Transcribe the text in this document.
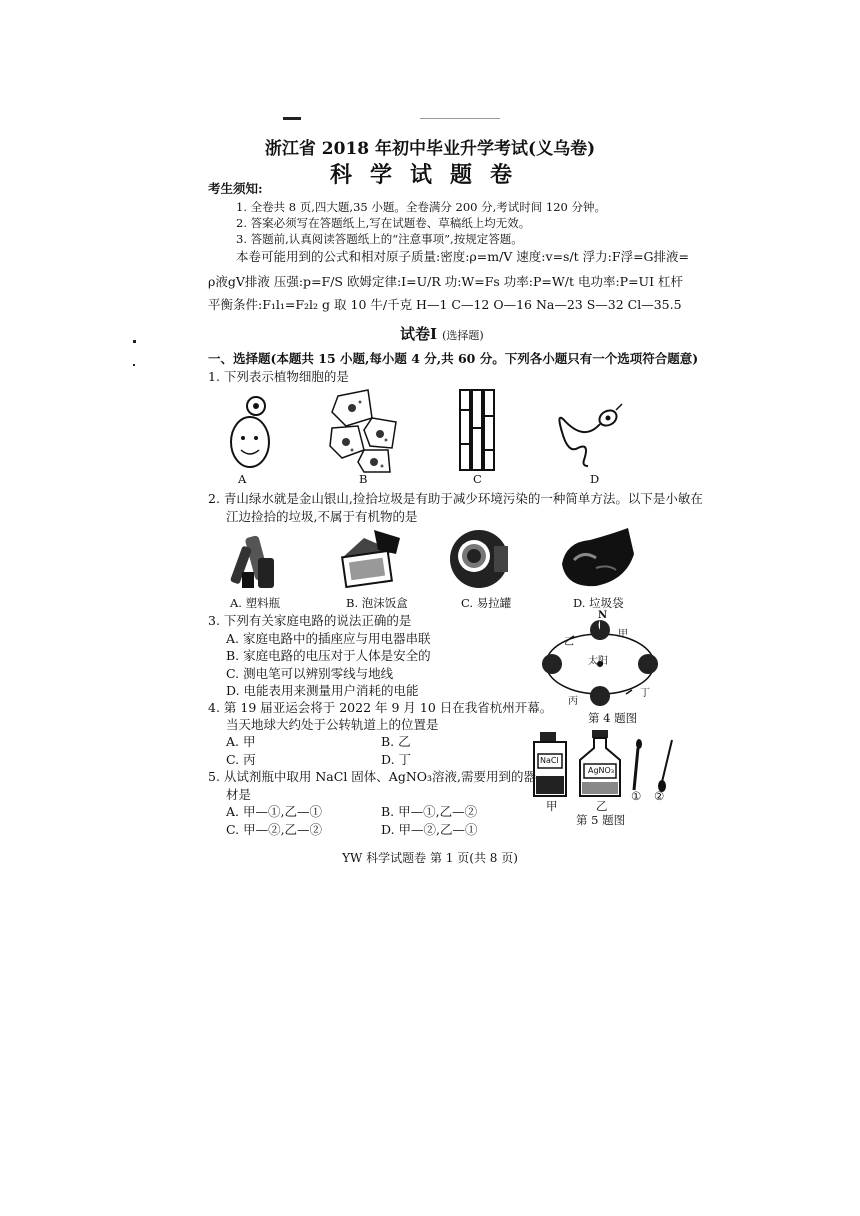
浙江省 2018 年初中毕业升学考试(义乌卷)
科学试题卷
考生须知:
1. 全卷共 8 页,四大题,35 小题。全卷满分 200 分,考试时间 120 分钟。
2. 答案必须写在答题纸上,写在试题卷、草稿纸上均无效。
3. 答题前,认真阅读答题纸上的“注意事项”,按规定答题。
本卷可能用到的公式和相对原子质量:密度:ρ=m/V 速度:v=s/t 浮力:F浮=G排液=
ρ液gV排液 压强:p=F/S 欧姆定律:I=U/R 功:W=Fs 功率:P=W/t 电功率:P=UI 杠杆
平衡条件:F₁l₁=F₂l₂ g 取 10 牛/千克 H—1 C—12 O—16 Na—23 S—32 Cl—35.5
试卷Ⅰ (选择题)
一、选择题(本题共 15 小题,每小题 4 分,共 60 分。下列各小题只有一个选项符合题意)
1. 下列表示植物细胞的是
A	B	C	D
2. 青山绿水就是金山银山,捡拾垃圾是有助于减少环境污染的一种简单方法。以下是小敏在
江边捡拾的垃圾,不属于有机物的是
A. 塑料瓶	B. 泡沫饭盒	C. 易拉罐	D. 垃圾袋
3. 下列有关家庭电路的说法正确的是
A. 家庭电路中的插座应与用电器串联
B. 家庭电路的电压对于人体是安全的
C. 测电笔可以辨别零线与地线
D. 电能表用来测量用户消耗的电能
N
甲
乙
太阳
丁
丙
第 4 题图
4. 第 19 届亚运会将于 2022 年 9 月 10 日在我省杭州开幕。
当天地球大约处于公转轨道上的位置是
A. 甲	B. 乙
C. 丙	D. 丁	NaCl
AgNO₃
甲	乙
① ②
第 5 题图
5. 从试剂瓶中取用 NaCl 固体、AgNO₃溶液,需要用到的器
材是
A. 甲—①,乙—①	B. 甲—①,乙—②
C. 甲—②,乙—②	D. 甲—②,乙—①
YW 科学试题卷 第 1 页(共 8 页)
